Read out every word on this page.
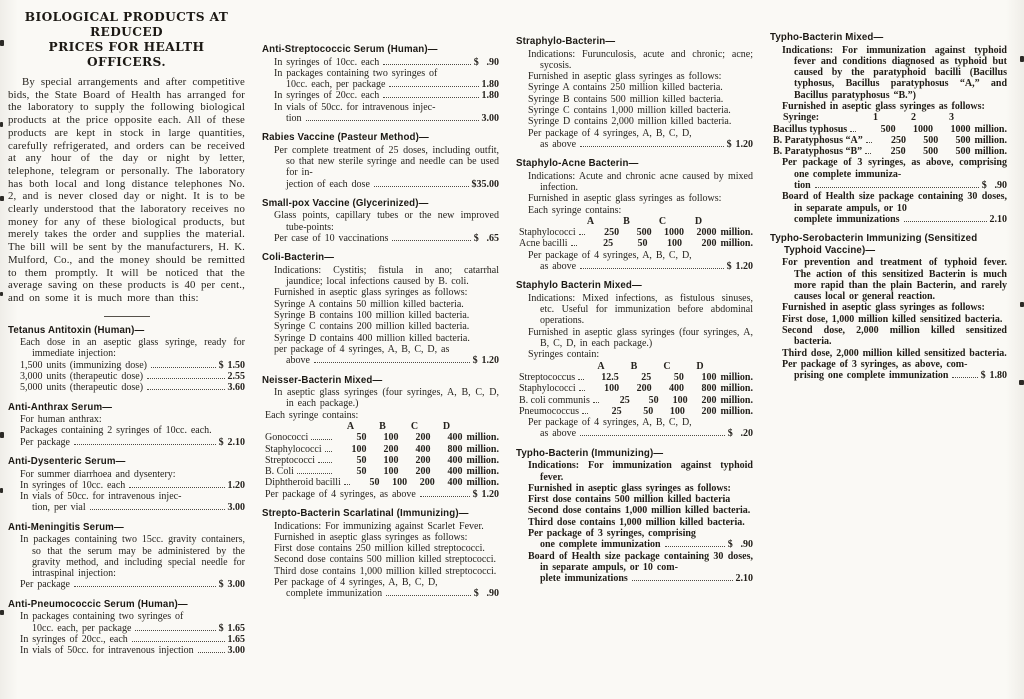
BIOLOGICAL PRODUCTS AT REDUCED
PRICES FOR HEALTH OFFICERS.
By special arrangements and after competitive bids, the State Board of Health has arranged for the laboratory to supply the following biological products at the price opposite each. All of these products are kept in stock in large quantities, carefully refrigerated, and orders can be received at any hour of the day or night by letter, telephone, telegram or personally. The laboratory has both local and long distance telephones No. 2, and is never closed day or night. It is to be clearly understood that the laboratory receives no money for any of these biological products, but merely takes the order and supplies the material. The bill will be sent by the manufacturers, H. K. Mulford, Co., and the money should be remitted to them promptly. It will be noticed that the average saving on these products is 40 per cent., and on some it is much more than this:
Tetanus Antitoxin (Human)—
Each dose in an aseptic glass syringe, ready for immediate injection:
1,500 units (immunizing dose)	$ 1.50
3,000 units (therapeutic dose)	2.55
5,000 units (therapeutic dose)	3.60
Anti-Anthrax Serum—
For human anthrax:
Packages containing 2 syringes of 10cc. each.
Per package	$ 2.10
Anti-Dysenteric Serum—
For summer diarrhoea and dysentery:
In syringes of 10cc. each	1.20
In vials of 50cc. for intravenous injec-
tion, per vial	3.00
Anti-Meningitis Serum—
In packages containing two 15cc. gravity containers, so that the serum may be administered by the gravity method, and including special needle for intraspinal injection:
Per package	$ 3.00
Anti-Pneumococcic Serum (Human)—
In packages containing two syringes of
10cc. each, per package	$ 1.65
In syringes of 20cc., each	1.65
In vials of 50cc. for intravenous injection	3.00
Anti-Streptococcic Serum (Human)—
In syringes of 10cc. each	$  .90
In packages containing two syringes of
10cc. each, per package	1.80
In syringes of 20cc. each	1.80
In vials of 50cc. for intravenous injec-
tion	3.00
Rabies Vaccine (Pasteur Method)—
Per complete treatment of 25 doses, including outfit, so that new sterile syringe and needle can be used for in-
jection of each dose	$35.00
Small-pox Vaccine (Glycerinized)—
Glass points, capillary tubes or the new improved tube-points:
Per case of 10 vaccinations	$  .65
Coli-Bacterin—
Indications: Cystitis; fistula in ano; catarrhal jaundice; local infections caused by B. coli.
Furnished in aseptic glass syringes as follows:
Syringe A contains 50 million killed bacteria.
Syringe B contains 100 million killed bacteria.
Syringe C contains 200 million killed bacteria.
Syringe D contains 400 million killed bacteria.
per package of 4 syringes, A, B, C, D, as
above	$ 1.20
Neisser-Bacterin Mixed—
In aseptic glass syringes (four syringes, A, B, C, D, in each package.)
Each syringe contains:
A	B	C	D
Gonococci	50	100	200	400 million.
Staphylococci	100	200	400	800 million.
Streptococci	50	100	200	400 million.
B. Coli	50	100	200	400 million.
Diphtheroid bacilli	50	100	200	400 million.
Per package of 4 syringes, as above	$ 1.20
Strepto-Bacterin Scarlatinal (Immunizing)—
Indications: For immunizing against Scarlet Fever.
Furnished in aseptic glass syringes as follows:
First dose contains 250 million killed streptococci.
Second dose contains 500 million killed streptococci.
Third dose contains 1,000 million killed streptococci.
Per package of 4 syringes, A, B, C, D,
complete immunization	$  .90
Straphylo-Bacterin—
Indications: Furunculosis, acute and chronic; acne; sycosis.
Furnished in aseptic glass syringes as follows:
Syringe A contains 250 million killed bacteria.
Syringe B contains 500 million killed bacteria.
Syringe C contains 1,000 million killed bacteria.
Syringe D contains 2,000 million killed bacteria.
Per package of 4 syringes, A, B, C, D,
as above	$ 1.20
Staphylo-Acne Bacterin—
Indications: Acute and chronic acne caused by mixed infection.
Furnished in aseptic glass syringes as follows:
Each syringe contains:
A	B	C	D
Staphylococci	250	500	1000	2000 million.
Acne bacilli	25	50	100	200 million.
Per package of 4 syringes, A, B, C, D,
as above	$ 1.20
Staphylo Bacterin Mixed—
Indications: Mixed infections, as fistulous sinuses, etc. Useful for immunization before abdominal operations.
Furnished in aseptic glass syringes (four syringes, A, B, C, D, in each package.)
Syringes contain:
A	B	C	D
Streptococcus	12.5	25	50	100 million.
Staphylococci	100	200	400	800 million.
B. coli communis	25	50	100	200 million.
Pneumococcus	25	50	100	200 million.
Per package of 4 syringes, A, B, C, D,
as above	$  .20
Typho-Bacterin (Immunizing)—
Indications: For immunization against typhoid fever.
Furnished in aseptic glass syringes as follows:
First dose contains 500 million killed bacteria
Second dose contains 1,000 million killed bacteria.
Third dose contains 1,000 million killed bacteria.
Per package of 3 syringes, comprising
one complete immunization	$  .90
Board of Health size package containing 30 doses, in separate ampuls, or 10 com-
plete immunizations	2.10
Typho-Bacterin Mixed—
Indications: For immunization against typhoid fever and conditions diagnosed as typhoid but caused by the paratyphoid bacilli (Bacillus typhosus, Bacillus paratyphosus “A,” and Bacillus paratyphosus “B.”)
Furnished in aseptic glass syringes as follows:
Syringe:	1	2	3
Bacillus typhosus	500	1000	1000 million.
B. Paratyphosus “A”	250	500	500 million.
B. Paratyphosus “B”	250	500	500 million.
Per package of 3 syringes, as above, comprising one complete immuniza-
tion	$  .90
Board of Health size package containing 30 doses, in separate ampuls, or 10
complete immunizations	2.10
Typho-Serobacterin Immunizing (Sensitized Typhoid Vaccine)—
For prevention and treatment of typhoid fever. The action of this sensitized Bacterin is much more rapid than the plain Bacterin, and rarely causes local or general reaction.
Furnished in aseptic glass syringes as follows:
First dose, 1,000 million killed sensitized bacteria.
Second dose, 2,000 million killed sensitized bacteria.
Third dose, 2,000 million killed sensitized bacteria.
Per package of 3 syringes, as above, com-
prising one complete immunization	$ 1.80
